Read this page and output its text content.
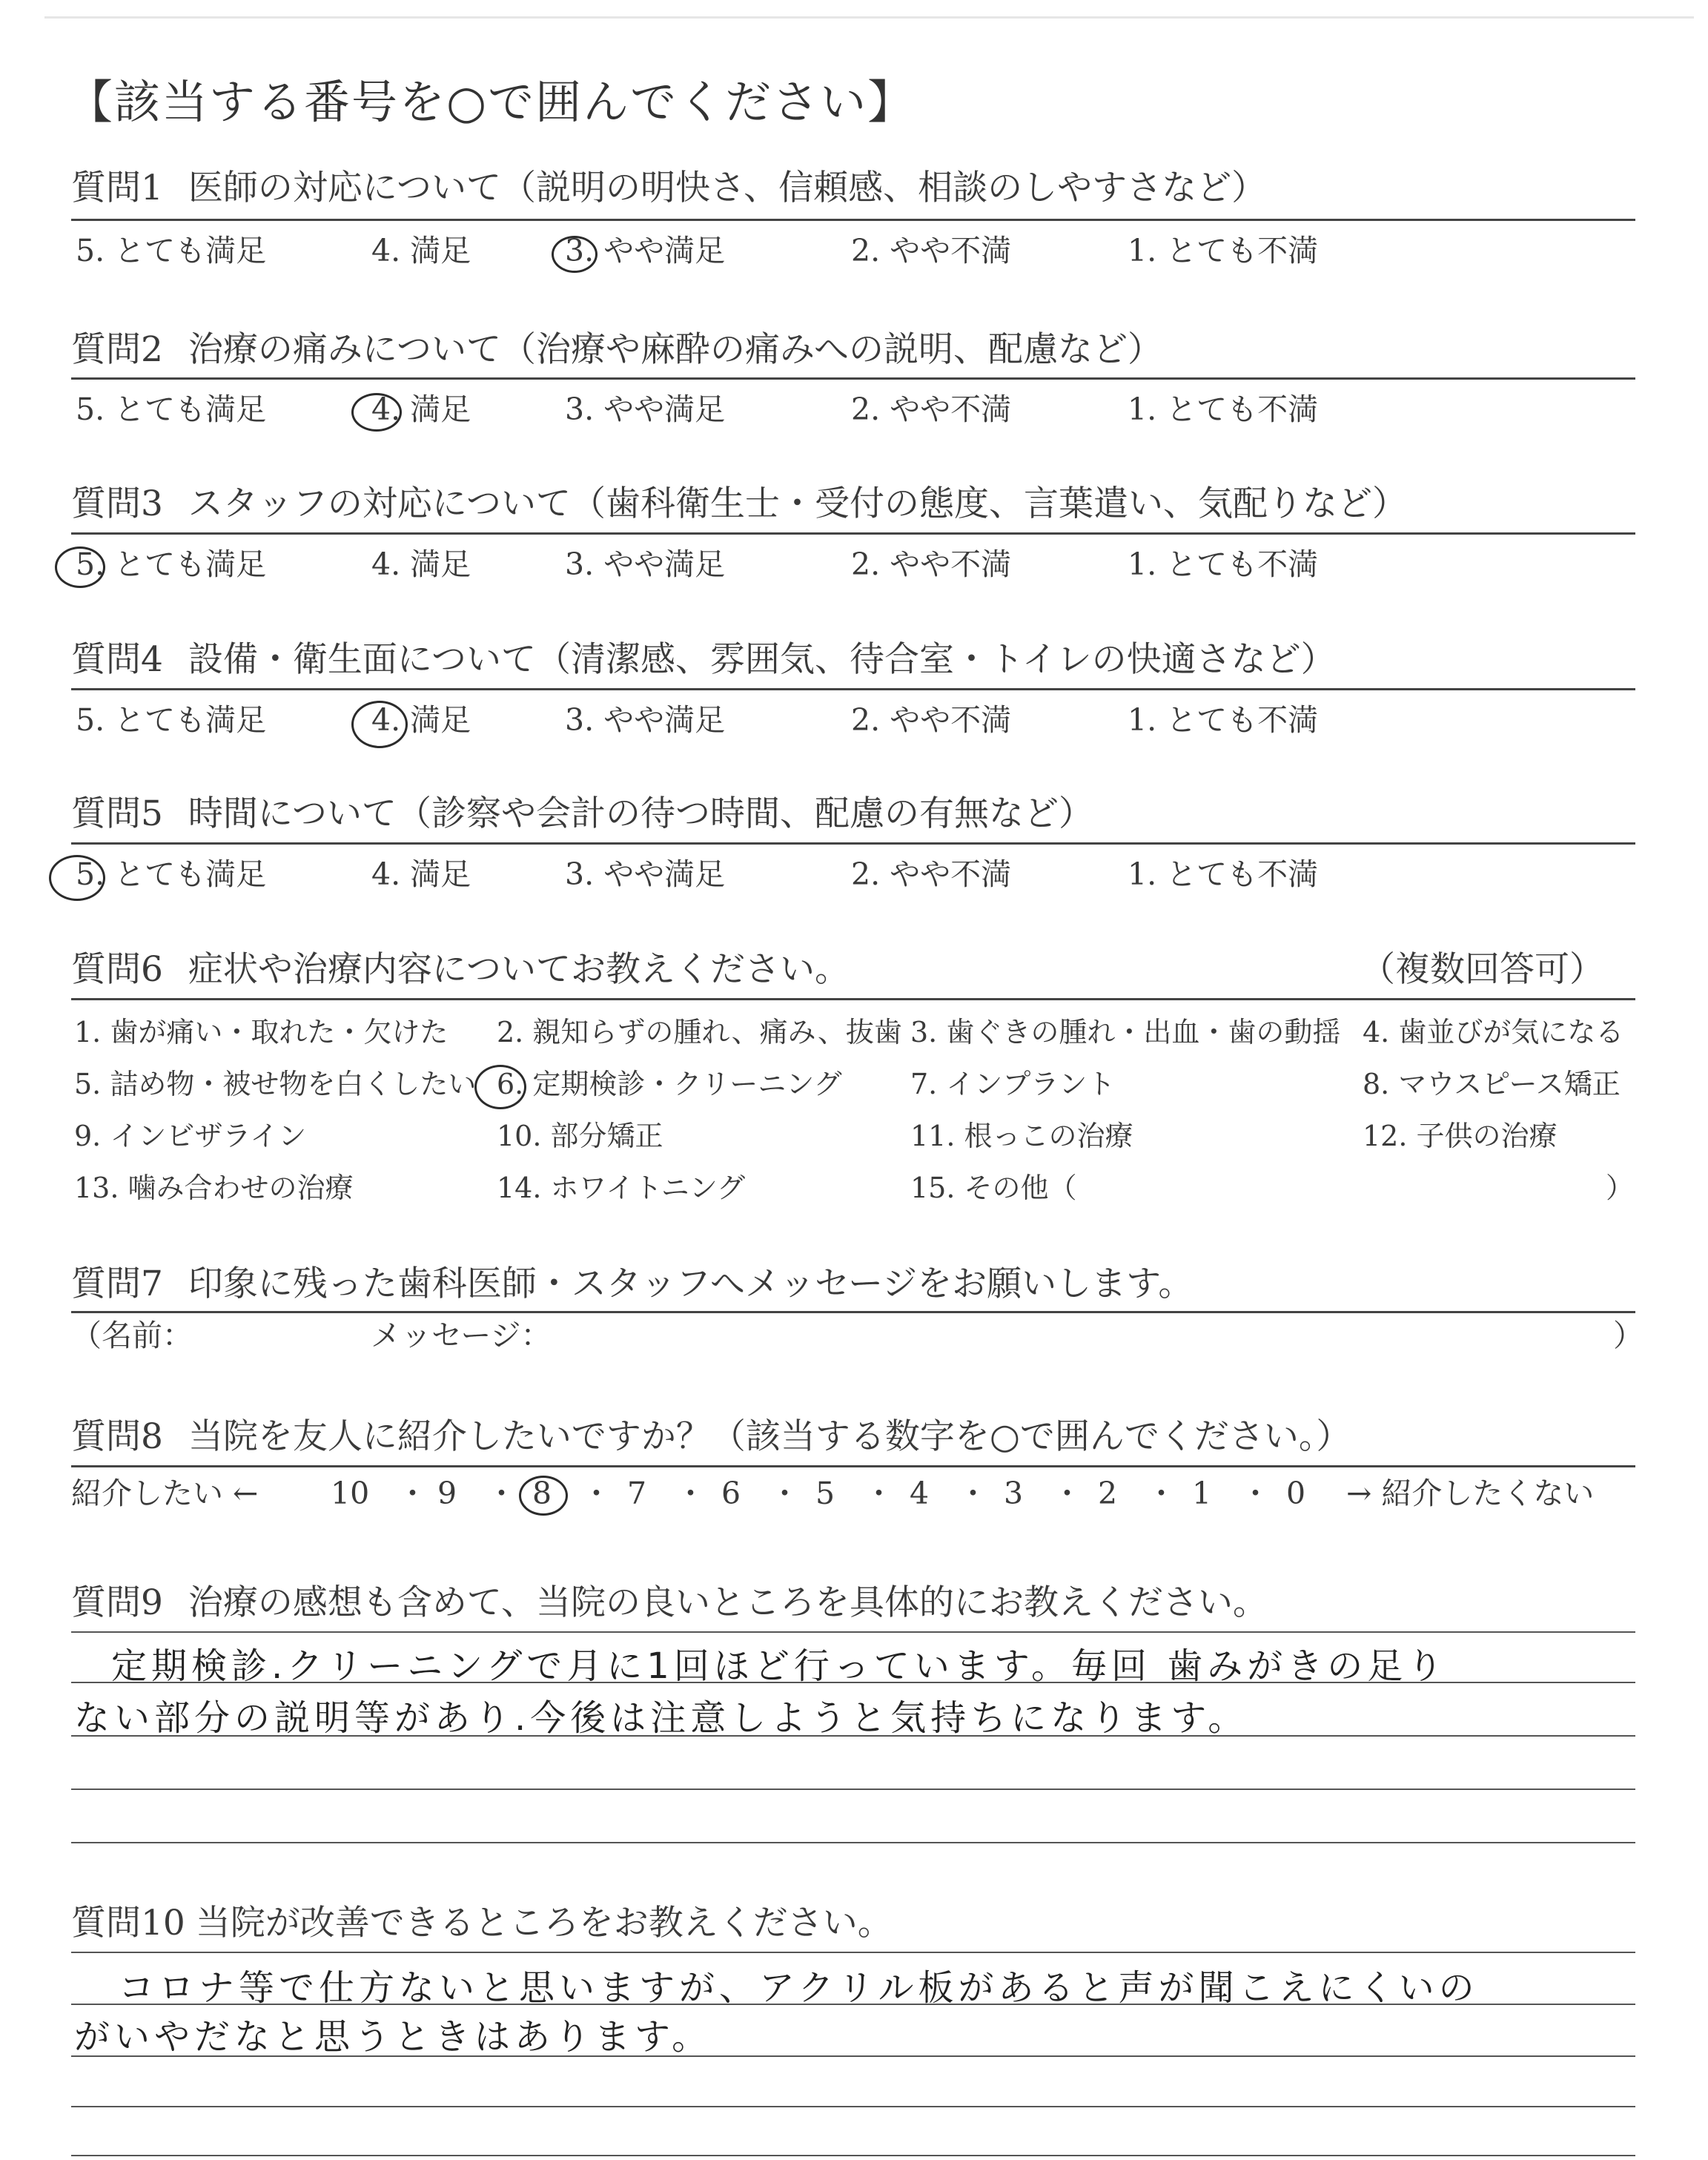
【該当する番号を○で囲んでください】
質問1 医師の対応について（説明の明快さ、信頼感、相談のしやすさなど）
5. とても満足	4. 満足	3. やや満足	2. やや不満	1. とても不満
質問2 治療の痛みについて（治療や麻酔の痛みへの説明、配慮など）
5. とても満足	4. 満足	3. やや満足	2. やや不満	1. とても不満
質問3 スタッフの対応について（歯科衛生士・受付の態度、言葉遣い、気配りなど）
5. とても満足	4. 満足	3. やや満足	2. やや不満	1. とても不満
質問4 設備・衛生面について（清潔感、雰囲気、待合室・トイレの快適さなど）
5. とても満足	4. 満足	3. やや満足	2. やや不満	1. とても不満
質問5 時間について（診察や会計の待つ時間、配慮の有無など）
5. とても満足	4. 満足	3. やや満足	2. やや不満	1. とても不満
質問6 症状や治療内容についてお教えください。	（複数回答可）
1. 歯が痛い・取れた・欠けた 2. 親知らずの腫れ、痛み、抜歯 3. 歯ぐきの腫れ・出血・歯の動揺 4. 歯並びが気になる
5. 詰め物・被せ物を白くしたい 6. 定期検診・クリーニング 7. インプラント	8. マウスピース矯正
9. インビザライン	10. 部分矯正	11. 根っこの治療	12. 子供の治療
13. 噛み合わせの治療	14. ホワイトニング	15. その他（	）
質問7 印象に残った歯科医師・スタッフへメッセージをお願いします。
（名前：	メッセージ：	）
質問8 当院を友人に紹介したいですか？（該当する数字を○で囲んでください。）
紹介したい ← 10 ・ 9 ・ 8 ・ 7 ・ 6 ・ 5 ・ 4 ・ 3 ・ 2 ・ 1 ・ 0 → 紹介したくない
質問9 治療の感想も含めて、当院の良いところを具体的にお教えください。
定期検診.クリーニングで月に1回ほど行っています。毎回 歯みがきの足り
ない部分の説明等があり.今後は注意しようと気持ちになります。
質問10 当院が改善できるところをお教えください。
コロナ等で仕方ないと思いますが、アクリル板があると声が聞こえにくいの
がいやだなと思うときはあります。
